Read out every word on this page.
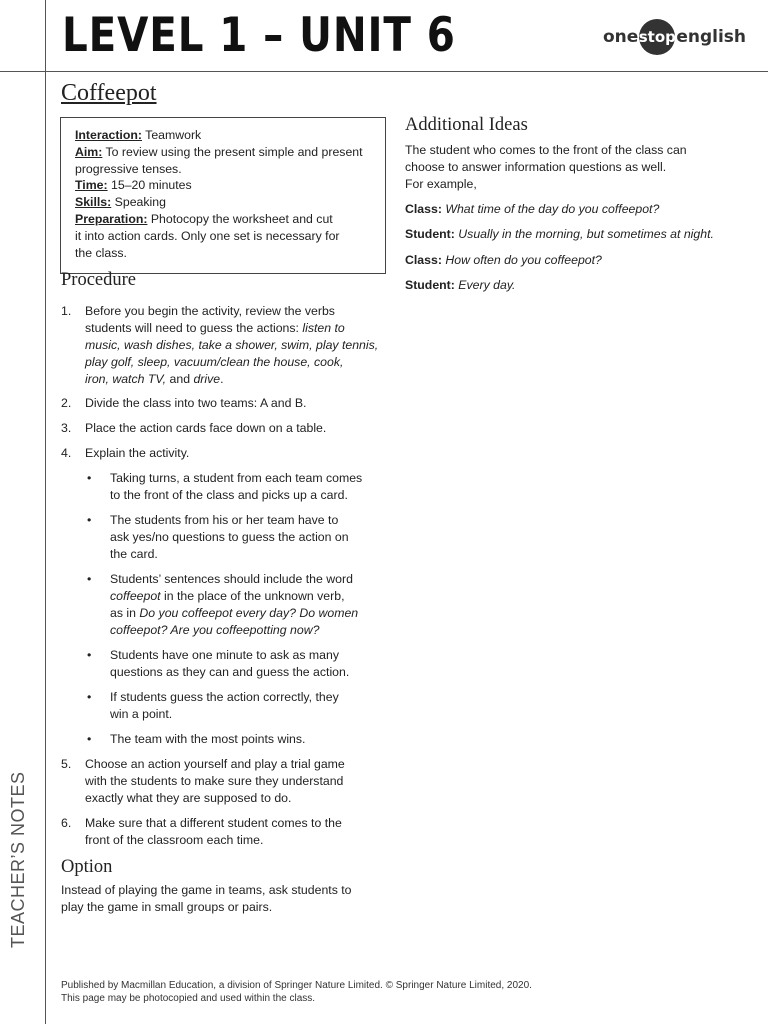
LEVEL 1 – UNIT 6	one stop english
TEACHER’S NOTES
Coffeepot
Interaction: Teamwork
Aim: To review using the present simple and present
progressive tenses.
Time: 15–20 minutes
Skills: Speaking
Preparation: Photocopy the worksheet and cut
it into action cards. Only one set is necessary for
the class.
Procedure
1. Before you begin the activity, review the verbs
students will need to guess the actions: listen to
music, wash dishes, take a shower, swim, play tennis,
play golf, sleep, vacuum/clean the house, cook,
iron, watch TV, and drive.
2. Divide the class into two teams: A and B.
3. Place the action cards face down on a table.
4. Explain the activity.
• Taking turns, a student from each team comes
to the front of the class and picks up a card.
• The students from his or her team have to
ask yes/no questions to guess the action on
the card.
• Students’ sentences should include the word
coffeepot in the place of the unknown verb,
as in Do you coffeepot every day? Do women
coffeepot? Are you coffeepotting now?
• Students have one minute to ask as many
questions as they can and guess the action.
• If students guess the action correctly, they
win a point.
• The team with the most points wins.
5. Choose an action yourself and play a trial game
with the students to make sure they understand
exactly what they are supposed to do.
6. Make sure that a different student comes to the
front of the classroom each time.
Option
Instead of playing the game in teams, ask students to
play the game in small groups or pairs.
Additional Ideas
The student who comes to the front of the class can
choose to answer information questions as well.
For example,
Class: What time of the day do you coffeepot?
Student: Usually in the morning, but sometimes at night.
Class: How often do you coffeepot?
Student: Every day.
Published by Macmillan Education, a division of Springer Nature Limited. © Springer Nature Limited, 2020.
This page may be photocopied and used within the class.
